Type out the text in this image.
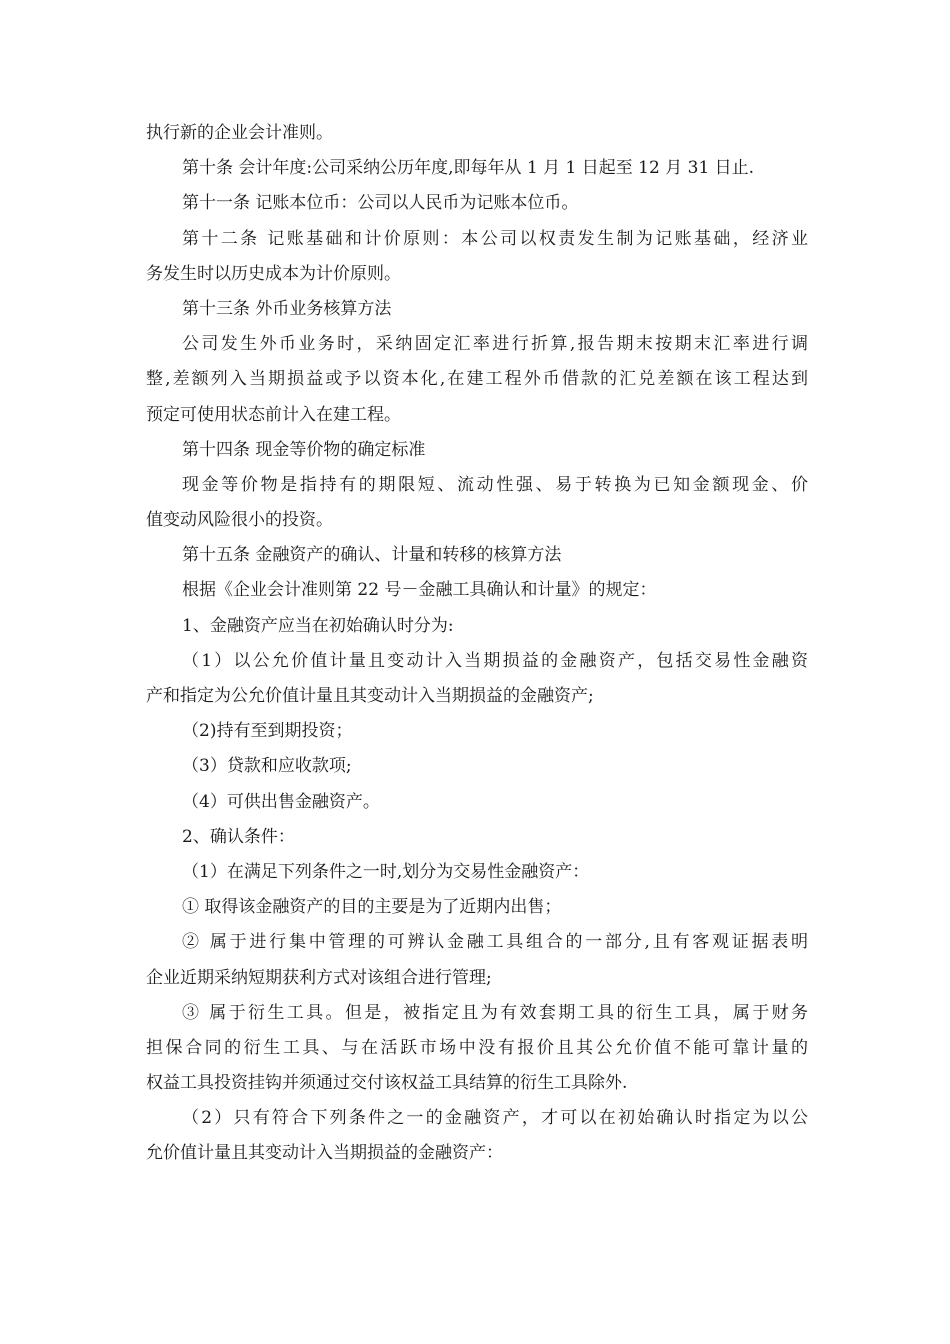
执行新的企业会计准则。
第十条 会计年度:公司采纳公历年度,即每年从 1 月 1 日起至 12 月 31 日止.
第十一条 记账本位币：公司以人民币为记账本位币。
第十二条 记账基础和计价原则：本公司以权责发生制为记账基础，经济业
务发生时以历史成本为计价原则。
第十三条 外币业务核算方法
公司发生外币业务时，采纳固定汇率进行折算,报告期末按期末汇率进行调
整,差额列入当期损益或予以资本化,在建工程外币借款的汇兑差额在该工程达到
预定可使用状态前计入在建工程。
第十四条 现金等价物的确定标准
现金等价物是指持有的期限短、流动性强、易于转换为已知金额现金、价
值变动风险很小的投资。
第十五条 金融资产的确认、计量和转移的核算方法
根据《企业会计准则第 22 号－金融工具确认和计量》的规定：
1、金融资产应当在初始确认时分为:
（1）以公允价值计量且变动计入当期损益的金融资产，包括交易性金融资
产和指定为公允价值计量且其变动计入当期损益的金融资产;
（2)持有至到期投资；
（3）贷款和应收款项;
（4）可供出售金融资产。
2、确认条件：
（1）在满足下列条件之一时,划分为交易性金融资产：
① 取得该金融资产的目的主要是为了近期内出售；
② 属于进行集中管理的可辨认金融工具组合的一部分,且有客观证据表明
企业近期采纳短期获利方式对该组合进行管理;
③ 属于衍生工具。但是，被指定且为有效套期工具的衍生工具，属于财务
担保合同的衍生工具、与在活跃市场中没有报价且其公允价值不能可靠计量的
权益工具投资挂钩并须通过交付该权益工具结算的衍生工具除外.
（2）只有符合下列条件之一的金融资产，才可以在初始确认时指定为以公
允价值计量且其变动计入当期损益的金融资产：
